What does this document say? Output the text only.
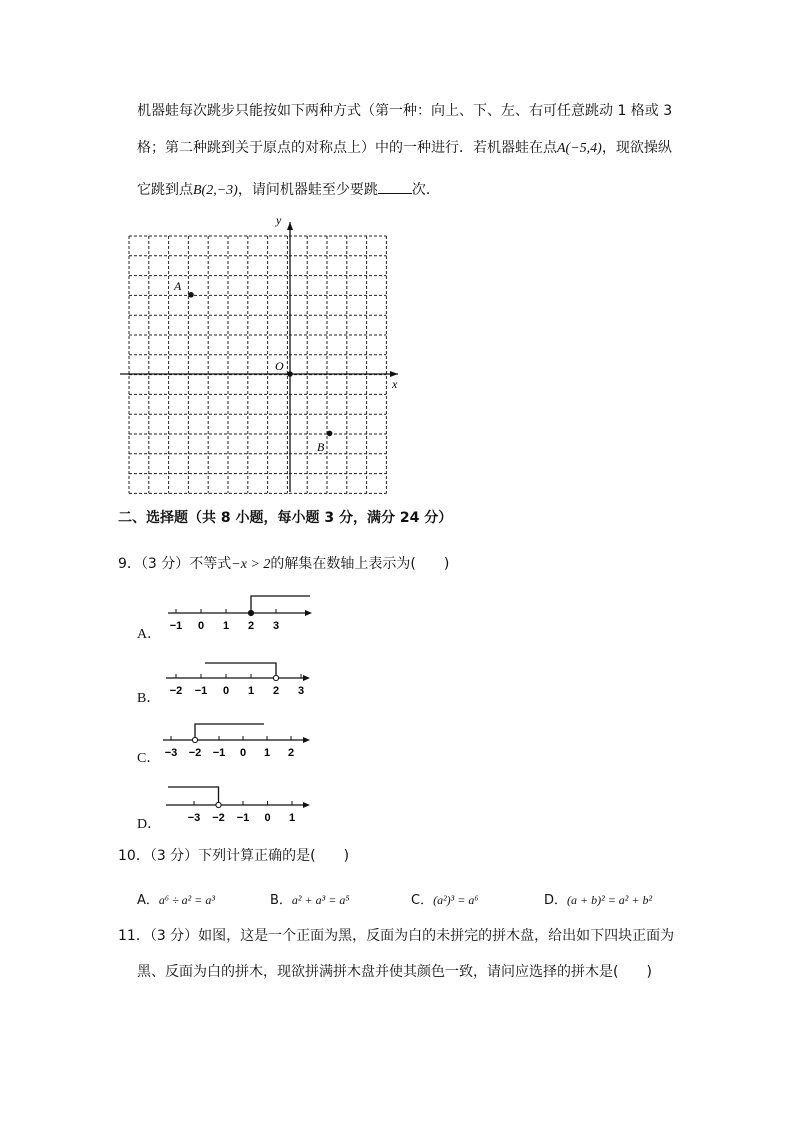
机器蛙每次跳步只能按如下两种方式（第一种：向上、下、左、右可任意跳动 1 格或 3
格；第二种跳到关于原点的对称点上）中的一种进行．若机器蛙在点A(−5,4)，现欲操纵
它跳到点B(2,−3)，请问机器蛙至少要跳 次．
y
x
O
A
B
二、选择题（共 8 小题，每小题 3 分，满分 24 分）
9．（3 分）不等式−x > 2的解集在数轴上表示为(　　)
A．
B．
C．
D．
−1 0 1 2 3
−2 −1 0 1 2 3
−3 −2 −1 0 1 2
−3 −2 −1 0 1
10．（3 分）下列计算正确的是(　　)
A．a⁶ ÷ a² = a³	B．a² + a³ = a⁵	C．(a²)³ = a⁶	D．(a + b)² = a² + b²
11．（3 分）如图，这是一个正面为黑，反面为白的未拼完的拼木盘，给出如下四块正面为
黑、反面为白的拼木，现欲拼满拼木盘并使其颜色一致，请问应选择的拼木是(　　)
